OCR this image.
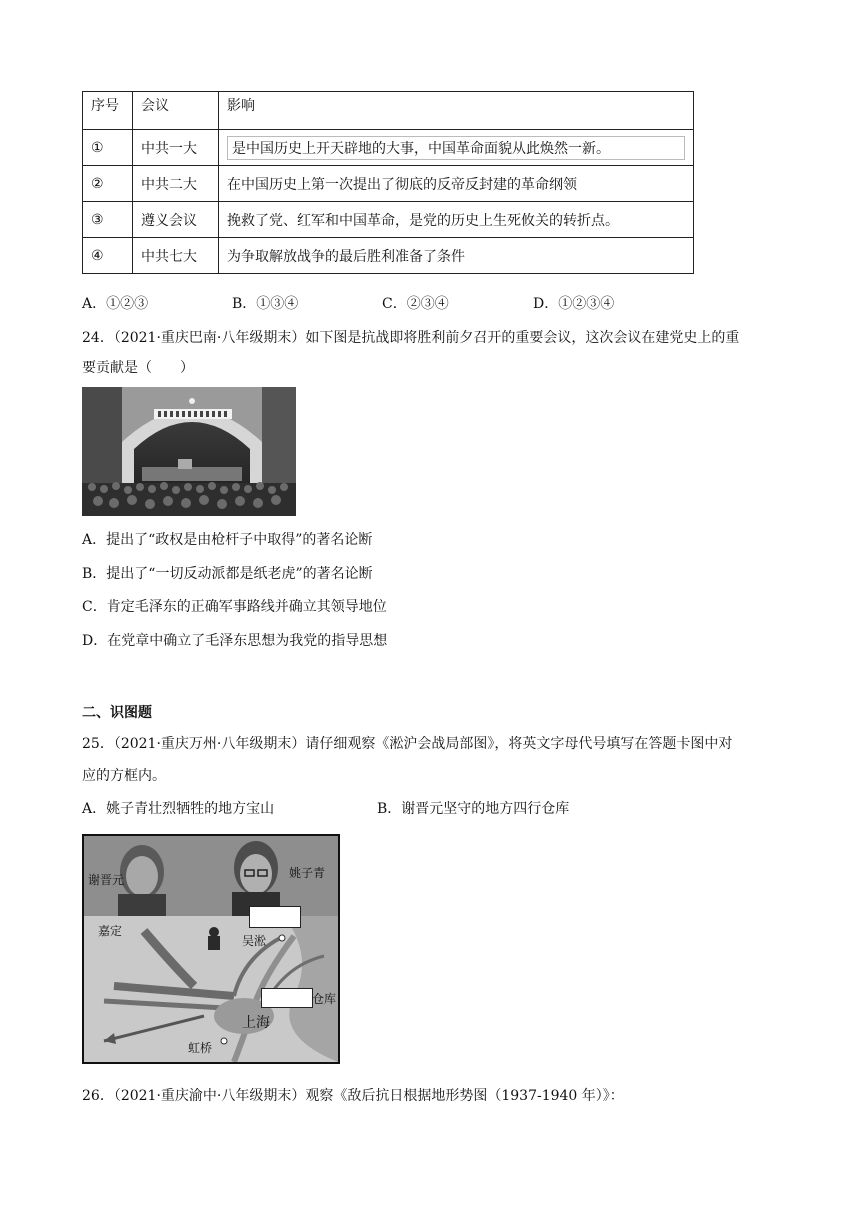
序号	会议	影响
①	中共一大	是中国历史上开天辟地的大事，中国革命面貌从此焕然一新。
②	中共二大	在中国历史上第一次提出了彻底的反帝反封建的革命纲领
③	遵义会议	挽救了党、红军和中国革命，是党的历史上生死攸关的转折点。
④	中共七大	为争取解放战争的最后胜利准备了条件
A．①②③	B．①③④	C．②③④	D．①②③④
24．（2021·重庆巴南·八年级期末）如下图是抗战即将胜利前夕召开的重要会议，这次会议在建党史上的重
要贡献是（　　）
A．提出了“政权是由枪杆子中取得”的著名论断
B．提出了“一切反动派都是纸老虎”的著名论断
C．肯定毛泽东的正确军事路线并确立其领导地位
D．在党章中确立了毛泽东思想为我党的指导思想
二、识图题
25．（2021·重庆万州·八年级期末）请仔细观察《淞沪会战局部图》，将英文字母代号填写在答题卡图中对
应的方框内。
A．姚子青壮烈牺牲的地方宝山	B．谢晋元坚守的地方四行仓库
谢晋元	姚子青
嘉定
吴淞
仓库
上海
虹桥
26．（2021·重庆渝中·八年级期末）观察《敌后抗日根据地形势图（1937-1940 年）》：
